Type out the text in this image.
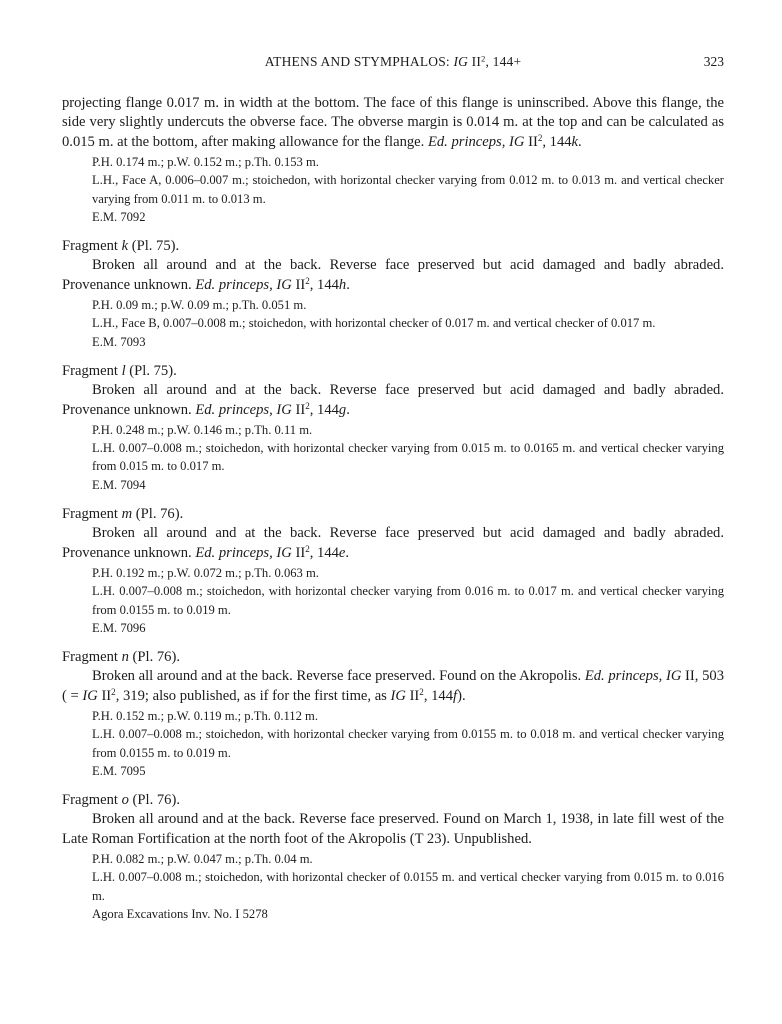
ATHENS AND STYMPHALOS: IG $II^2$, 144+	323

projecting flange 0.017 m. in width at the bottom. The face of this flange is uninscribed. Above this flange, the side very slightly undercuts the obverse face. The obverse margin is 0.014 m. at the top and can be calculated as 0.015 m. at the bottom, after making allowance for the flange. Ed. princeps, IG $II^2$, 144k.

P.H. 0.174 m.; p.W. 0.152 m.; p.Th. 0.153 m.

L.H., Face A, 0.006–0.007 m.; stoichedon, with horizontal checker varying from 0.012 m. to 0.013 m. and vertical checker varying from 0.011 m. to 0.013 m.

E.M. 7092

Fragment k (Pl. 75).

Broken all around and at the back. Reverse face preserved but acid damaged and badly abraded. Provenance unknown. Ed. princeps, IG $II^2$, 144h.

P.H. 0.09 m.; p.W. 0.09 m.; p.Th. 0.051 m.

L.H., Face B, 0.007–0.008 m.; stoichedon, with horizontal checker of 0.017 m. and vertical checker of 0.017 m.

E.M. 7093

Fragment l (Pl. 75).

Broken all around and at the back. Reverse face preserved but acid damaged and badly abraded. Provenance unknown. Ed. princeps, IG $II^2$, 144g.

P.H. 0.248 m.; p.W. 0.146 m.; p.Th. 0.11 m.

L.H. 0.007–0.008 m.; stoichedon, with horizontal checker varying from 0.015 m. to 0.0165 m. and vertical checker varying from 0.015 m. to 0.017 m.

E.M. 7094

Fragment m (Pl. 76).

Broken all around and at the back. Reverse face preserved but acid damaged and badly abraded. Provenance unknown. Ed. princeps, IG $II^2$, 144e.

P.H. 0.192 m.; p.W. 0.072 m.; p.Th. 0.063 m.

L.H. 0.007–0.008 m.; stoichedon, with horizontal checker varying from 0.016 m. to 0.017 m. and vertical checker varying from 0.0155 m. to 0.019 m.

E.M. 7096

Fragment n (Pl. 76).

Broken all around and at the back. Reverse face preserved. Found on the Akropolis. Ed. princeps, IG II, 503 ( = IG $II^2$, 319; also published, as if for the first time, as IG $II^2$, 144f).

P.H. 0.152 m.; p.W. 0.119 m.; p.Th. 0.112 m.

L.H. 0.007–0.008 m.; stoichedon, with horizontal checker varying from 0.0155 m. to 0.018 m. and vertical checker varying from 0.0155 m. to 0.019 m.

E.M. 7095

Fragment o (Pl. 76).

Broken all around and at the back. Reverse face preserved. Found on March 1, 1938, in late fill west of the Late Roman Fortification at the north foot of the Akropolis (T 23). Unpublished.

P.H. 0.082 m.; p.W. 0.047 m.; p.Th. 0.04 m.

L.H. 0.007–0.008 m.; stoichedon, with horizontal checker of 0.0155 m. and vertical checker varying from 0.015 m. to 0.016 m.

Agora Excavations Inv. No. I 5278
